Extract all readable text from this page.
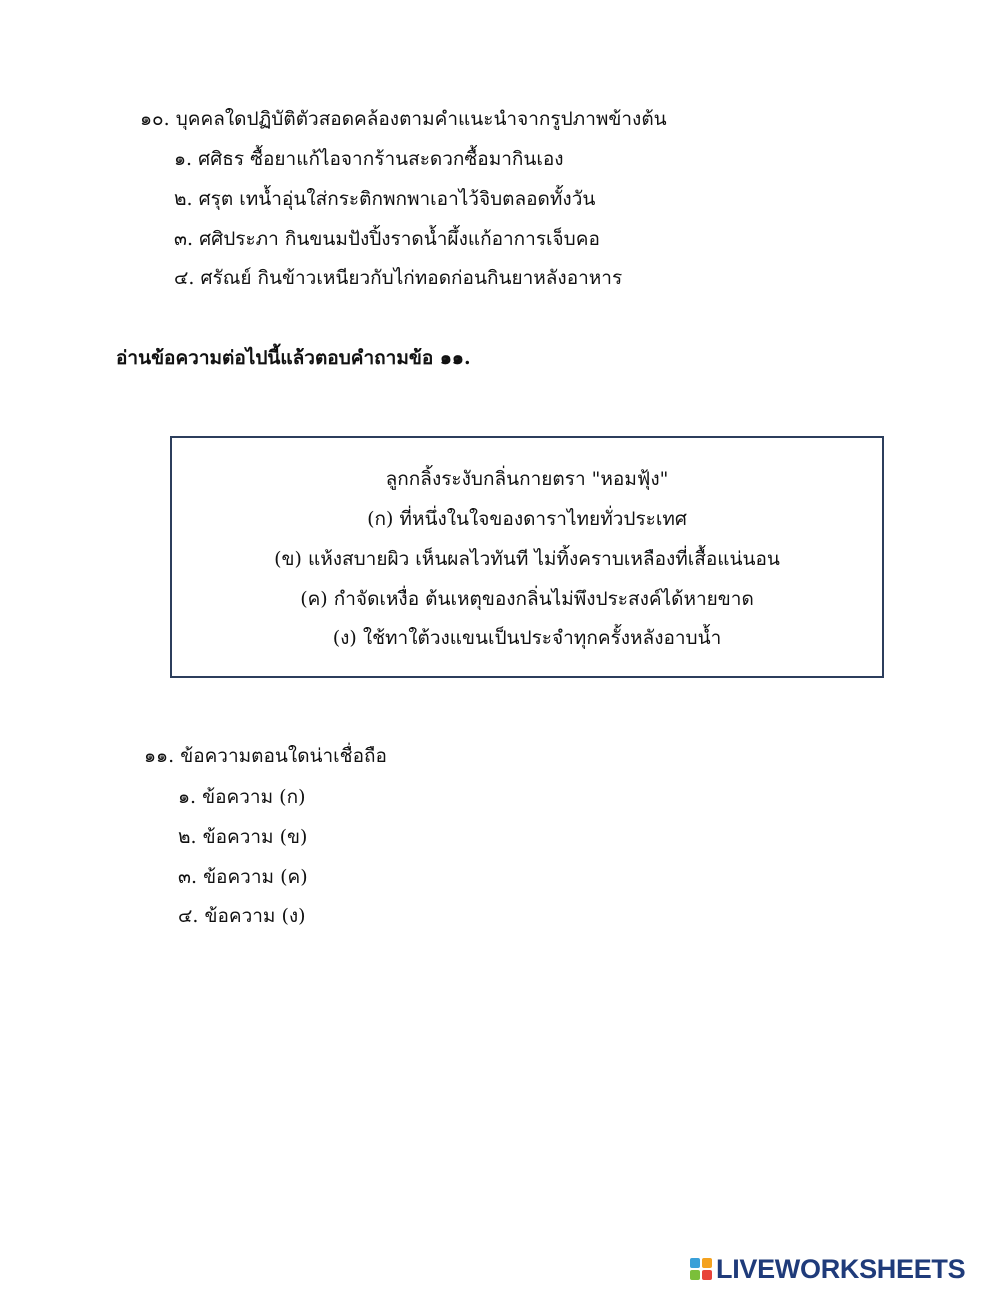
๑๐. บุคคลใดปฏิบัติตัวสอดคล้องตามคำแนะนำจากรูปภาพข้างต้น
๑. ศศิธร ซื้อยาแก้ไอจากร้านสะดวกซื้อมากินเอง
๒. ศรุต เทน้ำอุ่นใส่กระติกพกพาเอาไว้จิบตลอดทั้งวัน
๓. ศศิประภา กินขนมปังปิ้งราดน้ำผึ้งแก้อาการเจ็บคอ
๔. ศรัณย์ กินข้าวเหนียวกับไก่ทอดก่อนกินยาหลังอาหาร
อ่านข้อความต่อไปนี้แล้วตอบคำถามข้อ ๑๑.
ลูกกลิ้งระงับกลิ่นกายตรา "หอมฟุ้ง"
(ก) ที่หนึ่งในใจของดาราไทยทั่วประเทศ
(ข) แห้งสบายผิว เห็นผลไวทันที ไม่ทิ้งคราบเหลืองที่เสื้อแน่นอน
(ค) กำจัดเหงื่อ ต้นเหตุของกลิ่นไม่พึงประสงค์ได้หายขาด
(ง) ใช้ทาใต้วงแขนเป็นประจำทุกครั้งหลังอาบน้ำ
๑๑. ข้อความตอนใดน่าเชื่อถือ
๑. ข้อความ (ก)
๒. ข้อความ (ข)
๓. ข้อความ (ค)
๔. ข้อความ (ง)
LIVEWORKSHEETS
